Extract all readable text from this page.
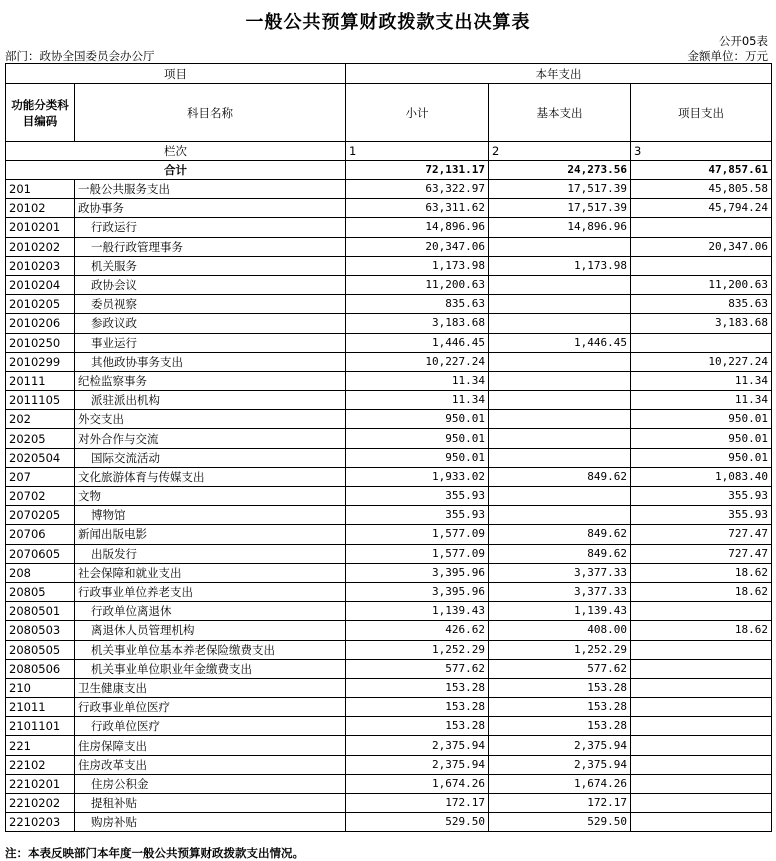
一般公共预算财政拨款支出决算表
公开05表
部门：政协全国委员会办公厅	金额单位：万元
项目		本年支出		
功能分类科目编码	科目名称	小计	基本支出	项目支出
栏次		1	2	3
合计		72,131.17	24,273.56	47,857.61
201	一般公共服务支出	63,322.97	17,517.39	45,805.58
20102	政协事务	63,311.62	17,517.39	45,794.24
2010201	行政运行	14,896.96	14,896.96	
2010202	一般行政管理事务	20,347.06		20,347.06
2010203	机关服务	1,173.98	1,173.98	
2010204	政协会议	11,200.63		11,200.63
2010205	委员视察	835.63		835.63
2010206	参政议政	3,183.68		3,183.68
2010250	事业运行	1,446.45	1,446.45	
2010299	其他政协事务支出	10,227.24		10,227.24
20111	纪检监察事务	11.34		11.34
2011105	派驻派出机构	11.34		11.34
202	外交支出	950.01		950.01
20205	对外合作与交流	950.01		950.01
2020504	国际交流活动	950.01		950.01
207	文化旅游体育与传媒支出	1,933.02	849.62	1,083.40
20702	文物	355.93		355.93
2070205	博物馆	355.93		355.93
20706	新闻出版电影	1,577.09	849.62	727.47
2070605	出版发行	1,577.09	849.62	727.47
208	社会保障和就业支出	3,395.96	3,377.33	18.62
20805	行政事业单位养老支出	3,395.96	3,377.33	18.62
2080501	行政单位离退休	1,139.43	1,139.43	
2080503	离退休人员管理机构	426.62	408.00	18.62
2080505	机关事业单位基本养老保险缴费支出	1,252.29	1,252.29	
2080506	机关事业单位职业年金缴费支出	577.62	577.62	
210	卫生健康支出	153.28	153.28	
21011	行政事业单位医疗	153.28	153.28	
2101101	行政单位医疗	153.28	153.28	
221	住房保障支出	2,375.94	2,375.94	
22102	住房改革支出	2,375.94	2,375.94	
2210201	住房公积金	1,674.26	1,674.26	
2210202	提租补贴	172.17	172.17	
2210203	购房补贴	529.50	529.50	
注：本表反映部门本年度一般公共预算财政拨款支出情况。
